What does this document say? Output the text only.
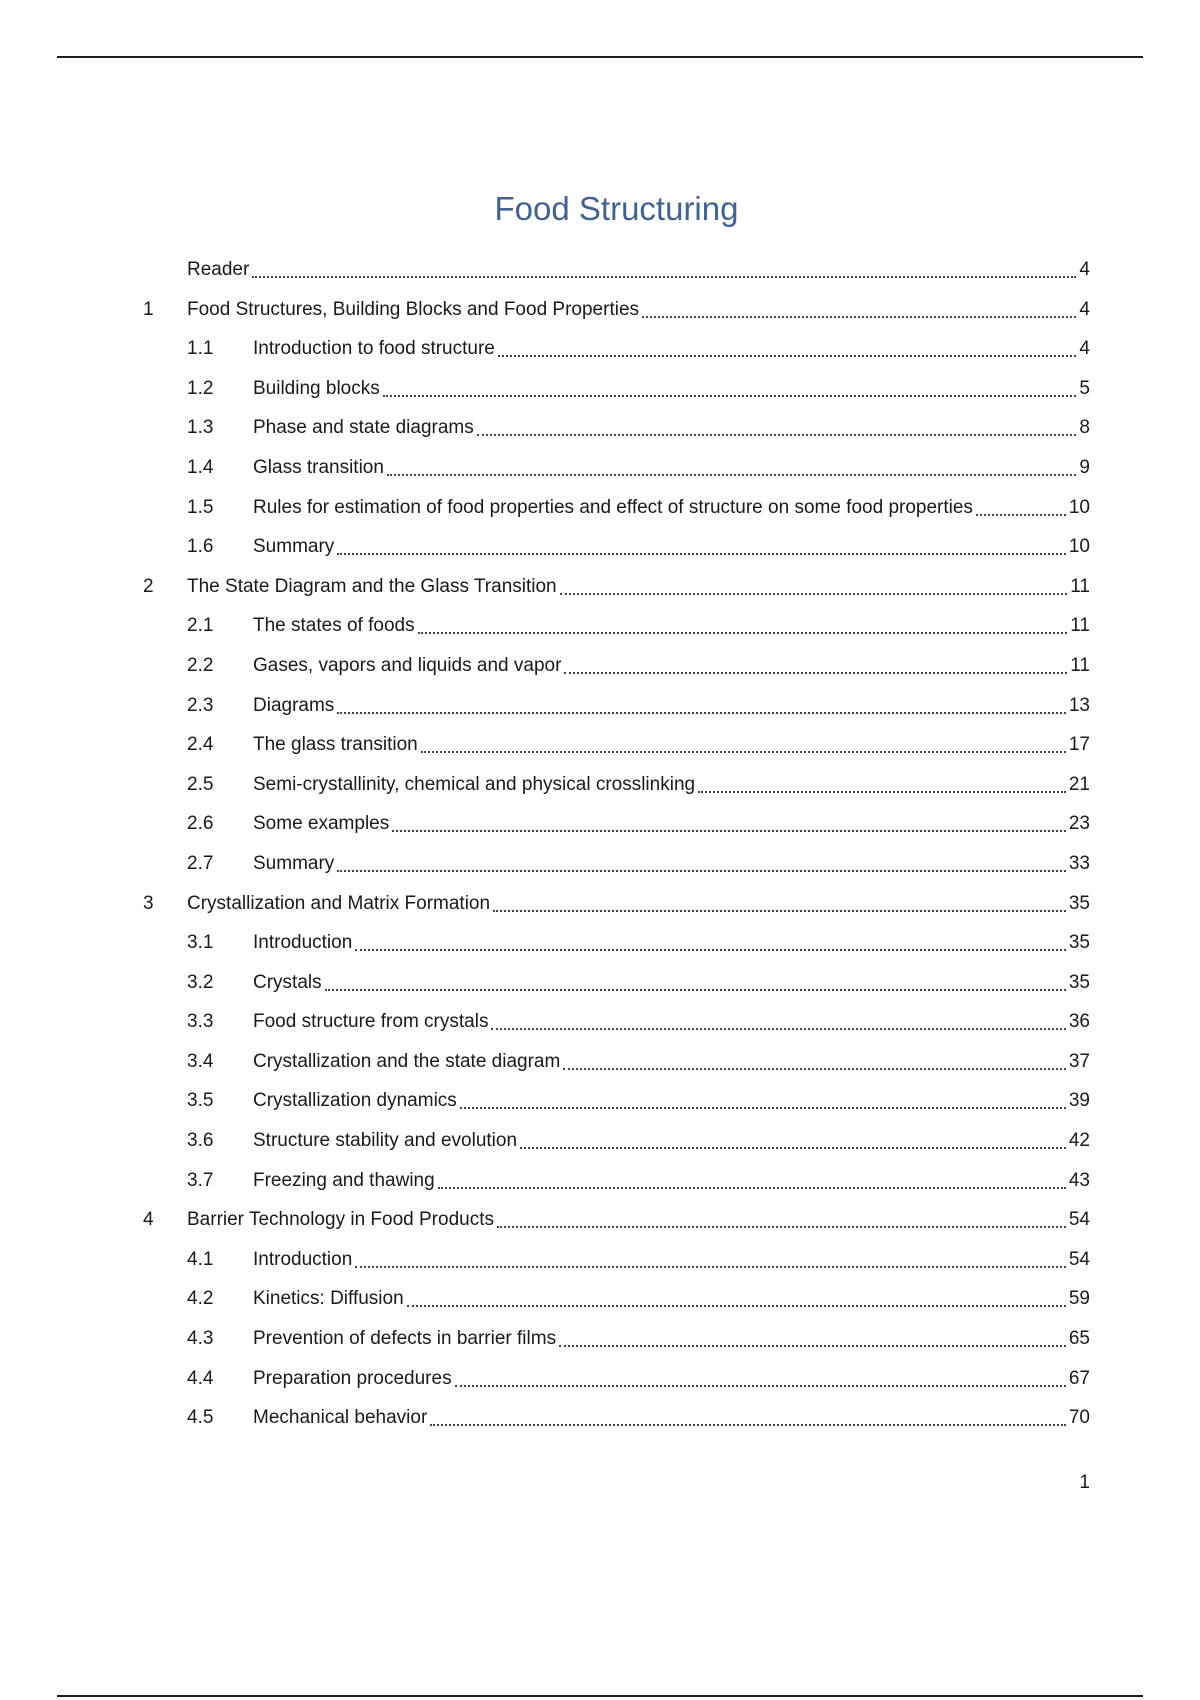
Food Structuring
Reader	4
1	Food Structures, Building Blocks and Food Properties	4
1.1	Introduction to food structure	4
1.2	Building blocks	5
1.3	Phase and state diagrams	8
1.4	Glass transition	9
1.5	Rules for estimation of food properties and effect of structure on some food properties	10
1.6	Summary	10
2	The State Diagram and the Glass Transition	11
2.1	The states of foods	11
2.2	Gases, vapors and liquids and vapor	11
2.3	Diagrams	13
2.4	The glass transition	17
2.5	Semi-crystallinity, chemical and physical crosslinking	21
2.6	Some examples	23
2.7	Summary	33
3	Crystallization and Matrix Formation	35
3.1	Introduction	35
3.2	Crystals	35
3.3	Food structure from crystals	36
3.4	Crystallization and the state diagram	37
3.5	Crystallization dynamics	39
3.6	Structure stability and evolution	42
3.7	Freezing and thawing	43
4	Barrier Technology in Food Products	54
4.1	Introduction	54
4.2	Kinetics: Diffusion	59
4.3	Prevention of defects in barrier films	65
4.4	Preparation procedures	67
4.5	Mechanical behavior	70
1
